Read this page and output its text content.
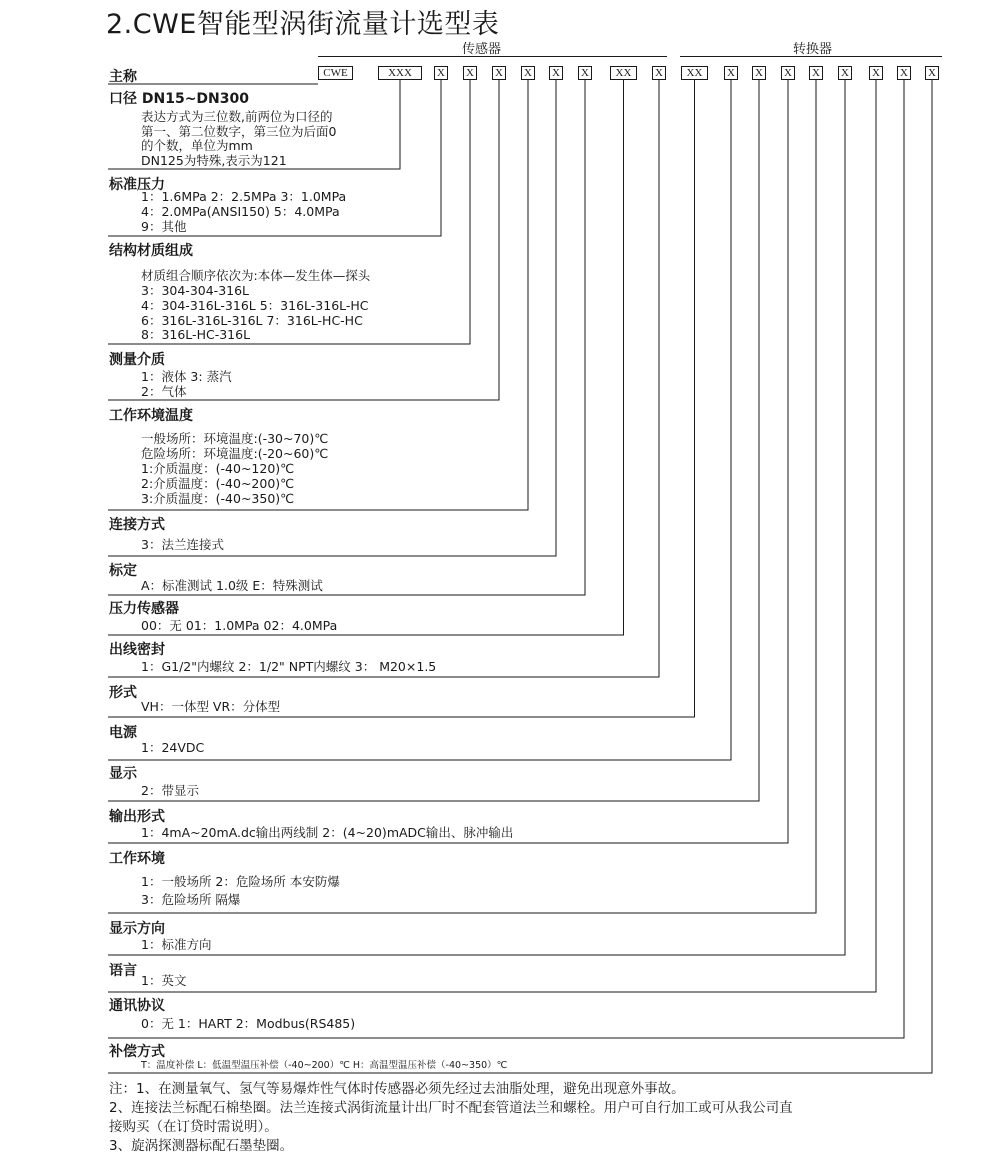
2.CWE智能型涡街流量计选型表
传感器	转换器
CWE	XXX	X X X X X X	XX	X	XX	X X X X X X X X
主称
口径 DN15~DN300
表达方式为三位数,前两位为口径的
第一、第二位数字，第三位为后面0
的个数，单位为mm
DN125为特殊,表示为121
标准压力
1：1.6MPa 2：2.5MPa 3：1.0MPa
4：2.0MPa(ANSI150) 5：4.0MPa
9：其他
结构材质组成
材质组合顺序依次为:本体—发生体—探头
3：304-304-316L
4：304-316L-316L 5：316L-316L-HC
6：316L-316L-316L 7：316L-HC-HC
8：316L-HC-316L
测量介质
1：液体 3: 蒸汽
2：气体
工作环境温度
一般场所：环境温度:(-30~70)℃
危险场所：环境温度:(-20~60)℃
1:介质温度：(-40~120)℃
2:介质温度：(-40~200)℃
3:介质温度：(-40~350)℃
连接方式
3：法兰连接式
标定
A：标准测试 1.0级 E：特殊测试
压力传感器
00：无 01：1.0MPa 02：4.0MPa
出线密封
1：G1/2"内螺纹 2：1/2" NPT内螺纹 3： M20×1.5
形式
VH：一体型 VR：分体型
电源
1：24VDC
显示
2：带显示
输出形式
1：4mA~20mA.dc输出两线制 2：(4~20)mADC输出、脉冲输出
工作环境
1：一般场所 2：危险场所 本安防爆
3：危险场所 隔爆
显示方向
1：标准方向
语言
1：英文
通讯协议
0：无 1：HART 2：Modbus(RS485)
补偿方式
T：温度补偿 L：低温型温压补偿（-40~200）℃ H：高温型温压补偿（-40~350）℃
注：1、在测量氧气、氢气等易爆炸性气体时传感器必须先经过去油脂处理，避免出现意外事故。
2、连接法兰标配石棉垫圈。法兰连接式涡街流量计出厂时不配套管道法兰和螺栓。用户可自行加工或可从我公司直
接购买（在订贷时需说明）。
3、旋涡探测器标配石墨垫圈。
